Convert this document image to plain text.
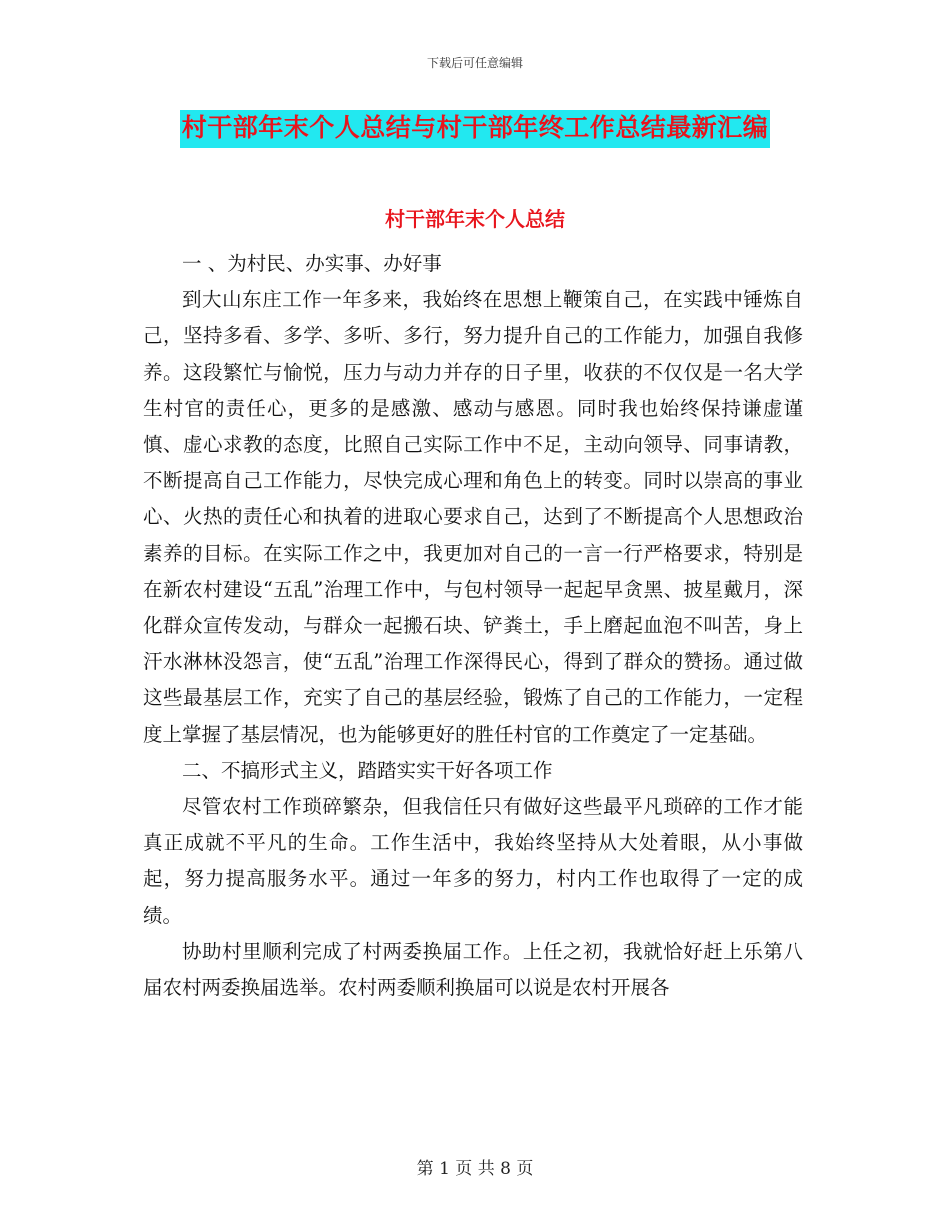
下载后可任意编辑
村干部年末个人总结与村干部年终工作总结最新汇编
村干部年末个人总结

一 、为村民、办实事、办好事

到大山东庄工作一年多来，我始终在思想上鞭策自己，在实践中锤炼自己，坚持多看、多学、多听、多行，努力提升自己的工作能力，加强自我修养。这段繁忙与愉悦，压力与动力并存的日子里，收获的不仅仅是一名大学生村官的责任心，更多的是感激、感动与感恩。同时我也始终保持谦虚谨慎、虚心求教的态度，比照自己实际工作中不足，主动向领导、同事请教，不断提高自己工作能力，尽快完成心理和角色上的转变。同时以崇高的事业心、火热的责任心和执着的进取心要求自己，达到了不断提高个人思想政治素养的目标。在实际工作之中，我更加对自己的一言一行严格要求，特别是在新农村建设“五乱”治理工作中，与包村领导一起起早贪黑、披星戴月，深化群众宣传发动，与群众一起搬石块、铲粪土，手上磨起血泡不叫苦，身上汗水淋林没怨言，使“五乱”治理工作深得民心，得到了群众的赞扬。通过做这些最基层工作，充实了自己的基层经验，锻炼了自己的工作能力，一定程度上掌握了基层情况，也为能够更好的胜任村官的工作奠定了一定基础。

二、不搞形式主义，踏踏实实干好各项工作

尽管农村工作琐碎繁杂，但我信任只有做好这些最平凡琐碎的工作才能真正成就不平凡的生命。工作生活中，我始终坚持从大处着眼，从小事做起，努力提高服务水平。通过一年多的努力，村内工作也取得了一定的成绩。

协助村里顺利完成了村两委换届工作。上任之初，我就恰好赶上乐第八届农村两委换届选举。农村两委顺利换届可以说是农村开展各

第 1 页 共 8 页
